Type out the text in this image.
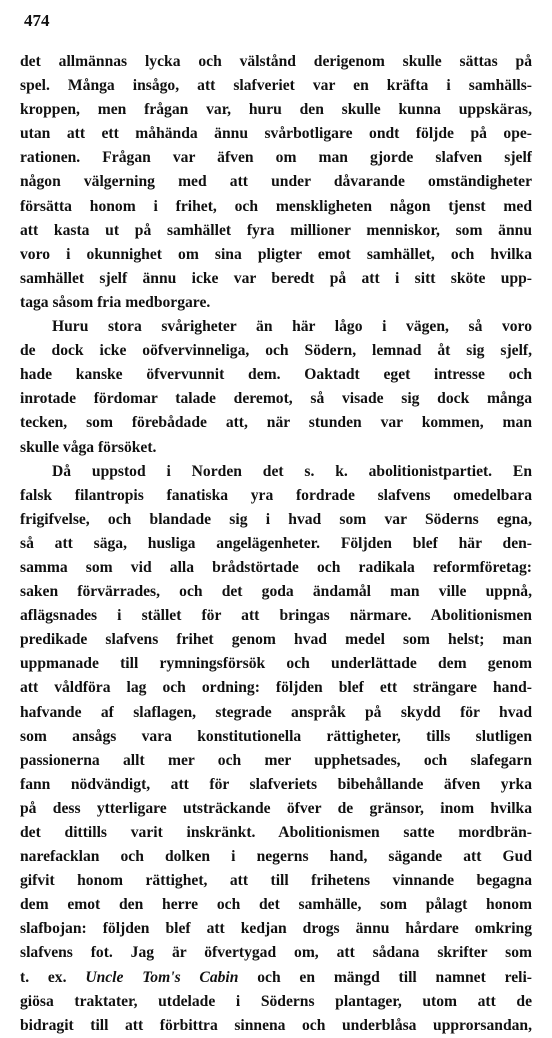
474
det allmännas lycka och välstånd derigenom skulle sättas på
spel. Många insågo, att slafveriet var en kräfta i samhälls-
kroppen, men frågan var, huru den skulle kunna uppskäras,
utan att ett måhända ännu svårbotligare ondt följde på ope-
rationen. Frågan var äfven om man gjorde slafven sjelf
någon välgerning med att under dåvarande omständigheter
försätta honom i frihet, och menskligheten någon tjenst med
att kasta ut på samhället fyra millioner menniskor, som ännu
voro i okunnighet om sina pligter emot samhället, och hvilka
samhället sjelf ännu icke var beredt på att i sitt sköte upp-
taga såsom fria medborgare.
Huru stora svårigheter än här lågo i vägen, så voro
de dock icke oöfvervinneliga, och Södern, lemnad åt sig sjelf,
hade kanske öfvervunnit dem. Oaktadt eget intresse och
inrotade fördomar talade deremot, så visade sig dock många
tecken, som förebådade att, när stunden var kommen, man
skulle våga försöket.
Då uppstod i Norden det s. k. abolitionistpartiet. En
falsk filantropis fanatiska yra fordrade slafvens omedelbara
frigifvelse, och blandade sig i hvad som var Söderns egna,
så att säga, husliga angelägenheter. Följden blef här den-
samma som vid alla brådstörtade och radikala reformföretag:
saken förvärrades, och det goda ändamål man ville uppnå,
aflägsnades i stället för att bringas närmare. Abolitionismen
predikade slafvens frihet genom hvad medel som helst; man
uppmanade till rymningsförsök och underlättade dem genom
att våldföra lag och ordning: följden blef ett strängare hand-
hafvande af slaflagen, stegrade anspråk på skydd för hvad
som ansågs vara konstitutionella rättigheter, tills slutligen
passionerna allt mer och mer upphetsades, och slafegarn
fann nödvändigt, att för slafveriets bibehållande äfven yrka
på dess ytterligare utsträckande öfver de gränsor, inom hvilka
det dittills varit inskränkt. Abolitionismen satte mordbrän-
narefacklan och dolken i negerns hand, sägande att Gud
gifvit honom rättighet, att till frihetens vinnande begagna
dem emot den herre och det samhälle, som pålagt honom
slafbojan: följden blef att kedjan drogs ännu hårdare omkring
slafvens fot. Jag är öfvertygad om, att sådana skrifter som
t. ex. Uncle Tom's Cabin och en mängd till namnet reli-
giösa traktater, utdelade i Söderns plantager, utom att de
bidragit till att förbittra sinnena och underblåsa upprorsandan,
